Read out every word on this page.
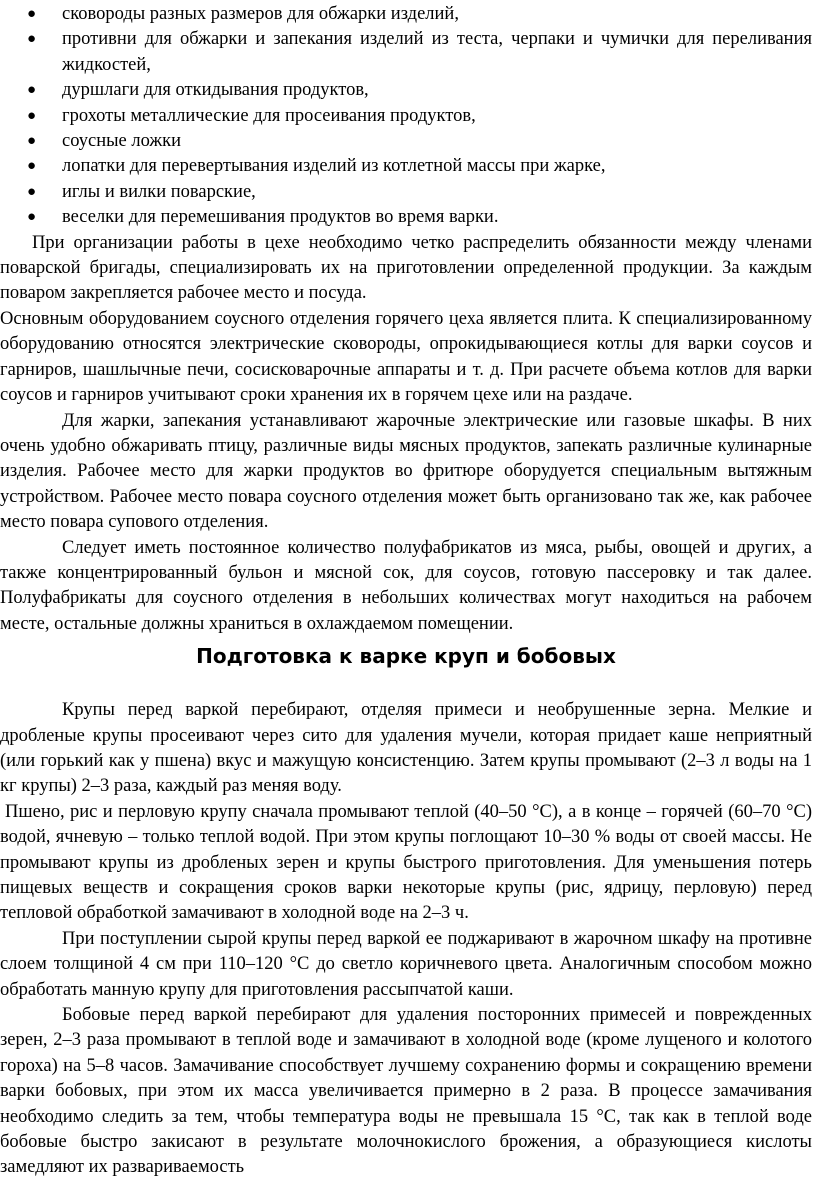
● сковороды разных размеров для обжарки изделий,
● противни для обжарки и запекания изделий из теста, черпаки и чумички для переливания жидкостей,
● дуршлаги для откидывания продуктов,
● грохоты металлические для просеивания продуктов,
● соусные ложки
● лопатки для перевертывания изделий из котлетной массы при жарке,
● иглы и вилки поварские,
● веселки для перемешивания продуктов во время варки.

При организации работы в цехе необходимо четко распределить обязанности между членами поварской бригады, специализировать их на приготовлении определенной продукции. За каждым поваром закрепляется рабочее место и посуда.

Основным оборудованием соусного отделения горячего цеха является плита. К специализированному оборудованию относятся электрические сковороды, опрокидывающиеся котлы для варки соусов и гарниров, шашлычные печи, сосисковарочные аппараты и т. д. При расчете объема котлов для варки соусов и гарниров учитывают сроки хранения их в горячем цехе или на раздаче.

Для жарки, запекания устанавливают жарочные электрические или газовые шкафы. В них очень удобно обжаривать птицу, различные виды мясных продуктов, запекать различные кулинарные изделия. Рабочее место для жарки продуктов во фритюре оборудуется специальным вытяжным устройством. Рабочее место повара соусного отделения может быть организовано так же, как рабочее место повара супового отделения.

Следует иметь постоянное количество полуфабрикатов из мяса, рыбы, овощей и других, а также концентрированный бульон и мясной сок, для соусов, готовую пассеровку и так далее. Полуфабрикаты для соусного отделения в небольших количествах могут находиться на рабочем месте, остальные должны храниться в охлаждаемом помещении.

Подготовка к варке круп и бобовых

Крупы перед варкой перебирают, отделяя примеси и необрушенные зерна. Мелкие и дробленые крупы просеивают через сито для удаления мучели, которая придает каше неприятный (или горький как у пшена) вкус и мажущую консистенцию. Затем крупы промывают (2–3 л воды на 1 кг крупы) 2–3 раза, каждый раз меняя воду.

Пшено, рис и перловую крупу сначала промывают теплой (40–50 °С), а в конце – горячей (60–70 °С) водой, ячневую – только теплой водой. При этом крупы поглощают 10–30 % воды от своей массы. Не промывают крупы из дробленых зерен и крупы быстрого приготовления. Для уменьшения потерь пищевых веществ и сокращения сроков варки некоторые крупы (рис, ядрицу, перловую) перед тепловой обработкой замачивают в холодной воде на 2–3 ч.

При поступлении сырой крупы перед варкой ее поджаривают в жарочном шкафу на противне слоем толщиной 4 см при 110–120 °С до светло коричневого цвета. Аналогичным способом можно обработать манную крупу для приготовления рассыпчатой каши.

Бобовые перед варкой перебирают для удаления посторонних примесей и поврежденных зерен, 2–3 раза промывают в теплой воде и замачивают в холодной воде (кроме лущеного и колотого гороха) на 5–8 часов. Замачивание способствует лучшему сохранению формы и сокращению времени варки бобовых, при этом их масса увеличивается примерно в 2 раза. В процессе замачивания необходимо следить за тем, чтобы температура воды не превышала 15 °С, так как в теплой воде бобовые быстро закисают в результате молочнокислого брожения, а образующиеся кислоты замедляют их развариваемость
